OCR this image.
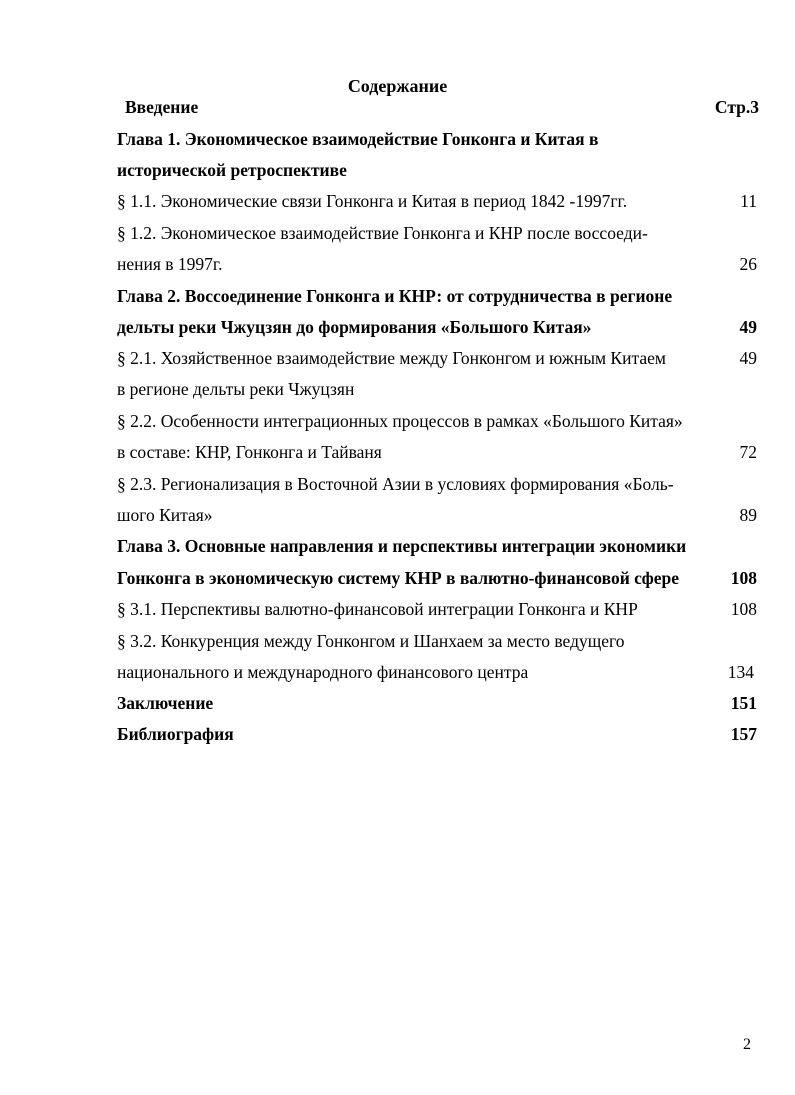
Содержание
Введение	Стр.3
Глава 1. Экономическое взаимодействие Гонконга и Китая в
исторической ретроспективе
§ 1.1. Экономические связи Гонконга и Китая в период 1842 -1997гг.	11
§ 1.2. Экономическое взаимодействие Гонконга и КНР после воссоеди-
нения в 1997г.	26
Глава 2. Воссоединение Гонконга и КНР: от сотрудничества в регионе
дельты реки Чжуцзян до формирования «Большого Китая»	49
§ 2.1. Хозяйственное взаимодействие между Гонконгом и южным Китаем	49
в регионе дельты реки Чжуцзян
§ 2.2. Особенности интеграционных процессов в рамках «Большого Китая»
в составе: КНР, Гонконга и Тайваня	72
§ 2.3. Регионализация в Восточной Азии в условиях формирования «Боль-
шого Китая»	89
Глава 3. Основные направления и перспективы интеграции экономики
Гонконга в экономическую систему КНР в валютно-финансовой сфере	108
§ 3.1. Перспективы валютно-финансовой интеграции Гонконга и КНР	108
§ 3.2. Конкуренция между Гонконгом и Шанхаем за место ведущего
национального и международного финансового центра	134
Заключение	151
Библиография	157
2
